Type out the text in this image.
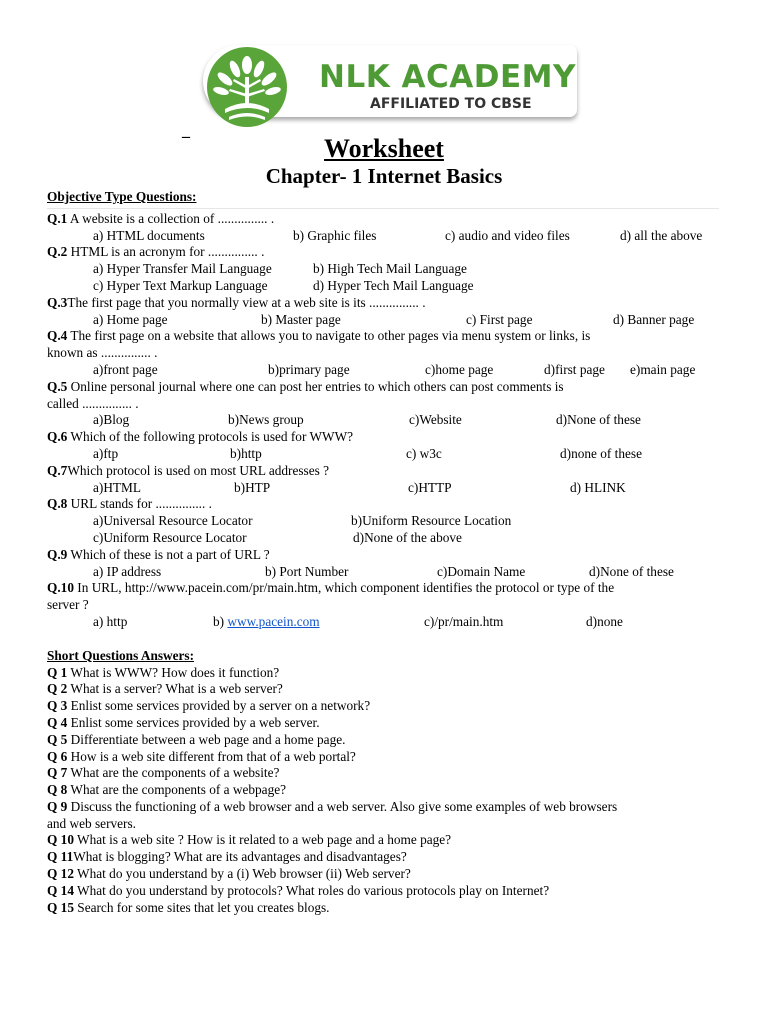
NLK ACADEMY
AFFILIATED TO CBSE
_
Worksheet
Chapter- 1 Internet Basics
Objective Type Questions:
Q.1 A website is a collection of ............... .
a) HTML documents	b) Graphic files	c) audio and video files	d) all the above
Q.2 HTML is an acronym for ............... .
a) Hyper Transfer Mail Language	b) High Tech Mail Language
c) Hyper Text Markup Language	d) Hyper Tech Mail Language
Q.3The first page that you normally view at a web site is its ............... .
a) Home page	b) Master page	c) First page	d) Banner page
Q.4 The first page on a website that allows you to navigate to other pages via menu system or links, is
known as ............... .
a)front page	b)primary page	c)home page	d)first page e)main page
Q.5 Online personal journal where one can post her entries to which others can post comments is
called ............... .
a)Blog	b)News group	c)Website	d)None of these
Q.6 Which of the following protocols is used for WWW?
a)ftp	b)http	c) w3c	d)none of these
Q.7Which protocol is used on most URL addresses ?
a)HTML	b)HTP	c)HTTP	d) HLINK
Q.8 URL stands for ............... .
a)Universal Resource Locator	b)Uniform Resource Location
c)Uniform Resource Locator	d)None of the above
Q.9 Which of these is not a part of URL ?
a) IP address	b) Port Number	c)Domain Name	d)None of these
Q.10 In URL, http://www.pacein.com/pr/main.htm, which component identifies the protocol or type of the
server ?
a) http	b) www.pacein.com	c)/pr/main.htm	d)none
Short Questions Answers:
Q 1 What is WWW? How does it function?
Q 2 What is a server? What is a web server?
Q 3 Enlist some services provided by a server on a network?
Q 4 Enlist some services provided by a web server.
Q 5 Differentiate between a web page and a home page.
Q 6 How is a web site different from that of a web portal?
Q 7 What are the components of a website?
Q 8 What are the components of a webpage?
Q 9 Discuss the functioning of a web browser and a web server. Also give some examples of web browsers
and web servers.
Q 10 What is a web site ? How is it related to a web page and a home page?
Q 11What is blogging? What are its advantages and disadvantages?
Q 12 What do you understand by a (i) Web browser (ii) Web server?
Q 14 What do you understand by protocols? What roles do various protocols play on Internet?
Q 15 Search for some sites that let you creates blogs.
